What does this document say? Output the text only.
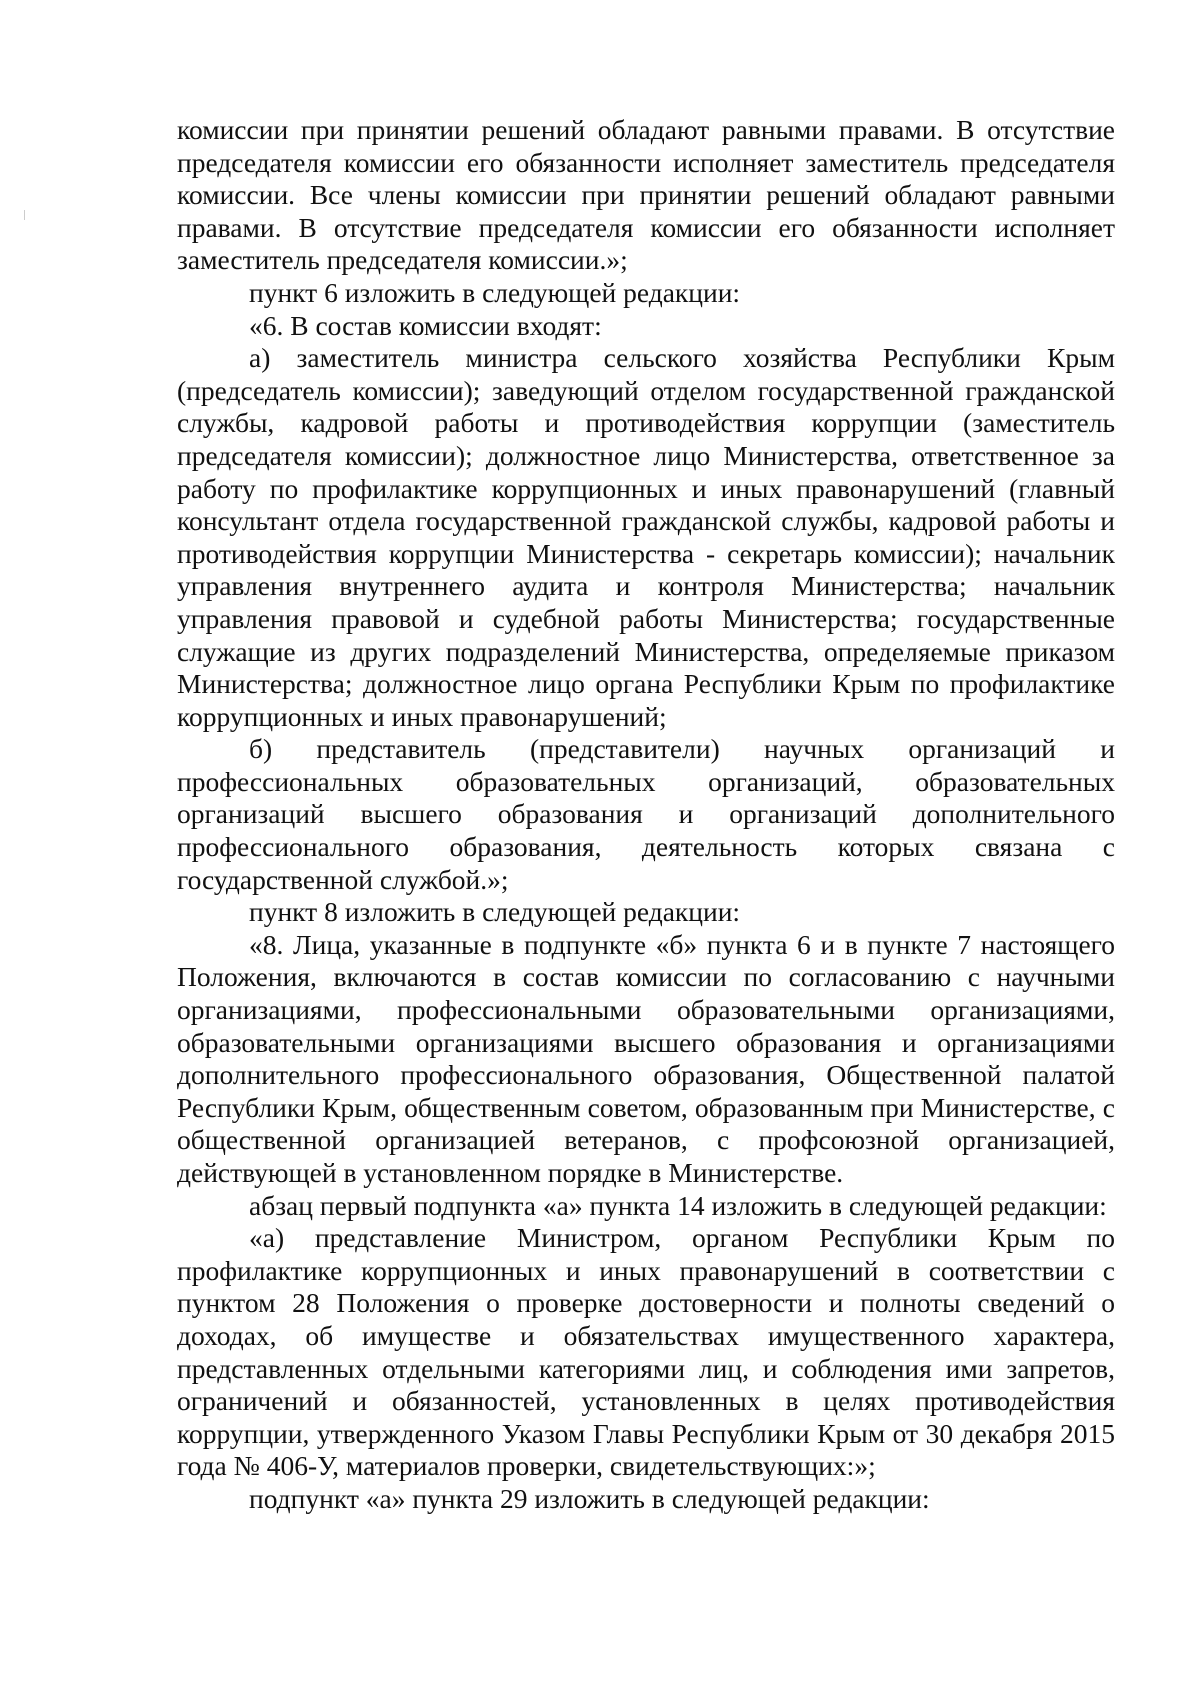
комиссии при принятии решений обладают равными правами. В отсутствие председателя комиссии его обязанности исполняет заместитель председателя комиссии. Все члены комиссии при принятии решений обладают равными правами. В отсутствие председателя комиссии его обязанности исполняет заместитель председателя комиссии.»;

пункт 6 изложить в следующей редакции:

«6. В состав комиссии входят:

а) заместитель министра сельского хозяйства Республики Крым (председатель комиссии); заведующий отделом государственной гражданской службы, кадровой работы и противодействия коррупции (заместитель председателя комиссии); должностное лицо Министерства, ответственное за работу по профилактике коррупционных и иных правонарушений (главный консультант отдела государственной гражданской службы, кадровой работы и противодействия коррупции Министерства - секретарь комиссии); начальник управления внутреннего аудита и контроля Министерства; начальник управления правовой и судебной работы Министерства; государственные служащие из других подразделений Министерства, определяемые приказом Министерства; должностное лицо органа Республики Крым по профилактике коррупционных и иных правонарушений;

б) представитель (представители) научных организаций и профессиональных образовательных организаций, образовательных организаций высшего образования и организаций дополнительного профессионального образования, деятельность которых связана с государственной службой.»;

пункт 8 изложить в следующей редакции:

«8. Лица, указанные в подпункте «б» пункта 6 и в пункте 7 настоящего Положения, включаются в состав комиссии по согласованию с научными организациями, профессиональными образовательными организациями, образовательными организациями высшего образования и организациями дополнительного профессионального образования, Общественной палатой Республики Крым, общественным советом, образованным при Министерстве, с общественной организацией ветеранов, с профсоюзной организацией, действующей в установленном порядке в Министерстве.

абзац первый подпункта «а» пункта 14 изложить в следующей редакции:

«а) представление Министром, органом Республики Крым по профилактике коррупционных и иных правонарушений в соответствии с пунктом 28 Положения о проверке достоверности и полноты сведений о доходах, об имуществе и обязательствах имущественного характера, представленных отдельными категориями лиц, и соблюдения ими запретов, ограничений и обязанностей, установленных в целях противодействия коррупции, утвержденного Указом Главы Республики Крым от 30 декабря 2015 года № 406-У, материалов проверки, свидетельствующих:»;

подпункт «а» пункта 29 изложить в следующей редакции:
